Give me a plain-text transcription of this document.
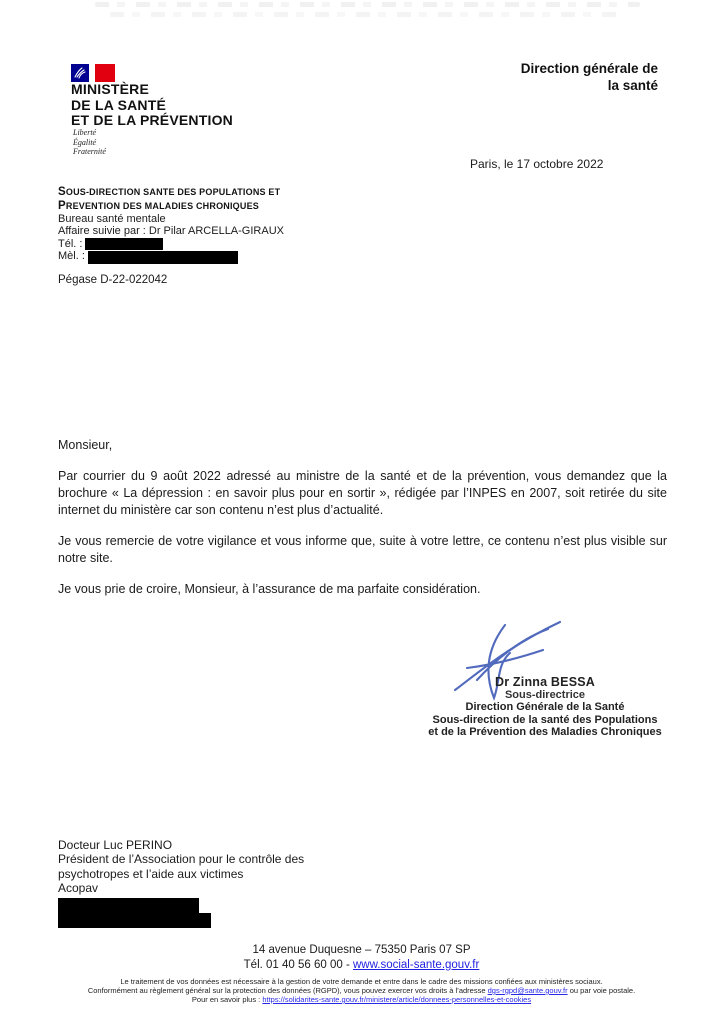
MINISTÈRE
DE LA SANTÉ
ET DE LA PRÉVENTION
Liberté
Égalité
Fraternité
Direction générale de
la santé
Paris, le 17 octobre 2022
SOUS-DIRECTION SANTE DES POPULATIONS ET
PREVENTION DES MALADIES CHRONIQUES
Bureau santé mentale
Affaire suivie par : Dr Pilar ARCELLA-GIRAUX
Tél. :
Mèl. :
Pégase D-22-022042
Monsieur,

Par courrier du 9 août 2022 adressé au ministre de la santé et de la prévention, vous demandez que la brochure « La dépression : en savoir plus pour en sortir », rédigée par l’INPES en 2007, soit retirée du site internet du ministère car son contenu n’est plus d’actualité.

Je vous remercie de votre vigilance et vous informe que, suite à votre lettre, ce contenu n’est plus visible sur notre site.

Je vous prie de croire, Monsieur, à l’assurance de ma parfaite considération.

Dr Zinna BESSA
Sous-directrice
Direction Générale de la Santé
Sous-direction de la santé des Populations
et de la Prévention des Maladies Chroniques
Docteur Luc PERINO
Président de l’Association pour le contrôle des
psychotropes et l’aide aux victimes
Acopav
14 avenue Duquesne – 75350 Paris 07 SP
Tél. 01 40 56 60 00 - www.social-sante.gouv.fr
Le traitement de vos données est nécessaire à la gestion de votre demande et entre dans le cadre des missions confiées aux ministères sociaux.
Conformément au règlement général sur la protection des données (RGPD), vous pouvez exercer vos droits à l’adresse dgs-rgpd@sante.gouv.fr ou par voie postale.
Pour en savoir plus : https://solidarites-sante.gouv.fr/ministere/article/donnees-personnelles-et-cookies
